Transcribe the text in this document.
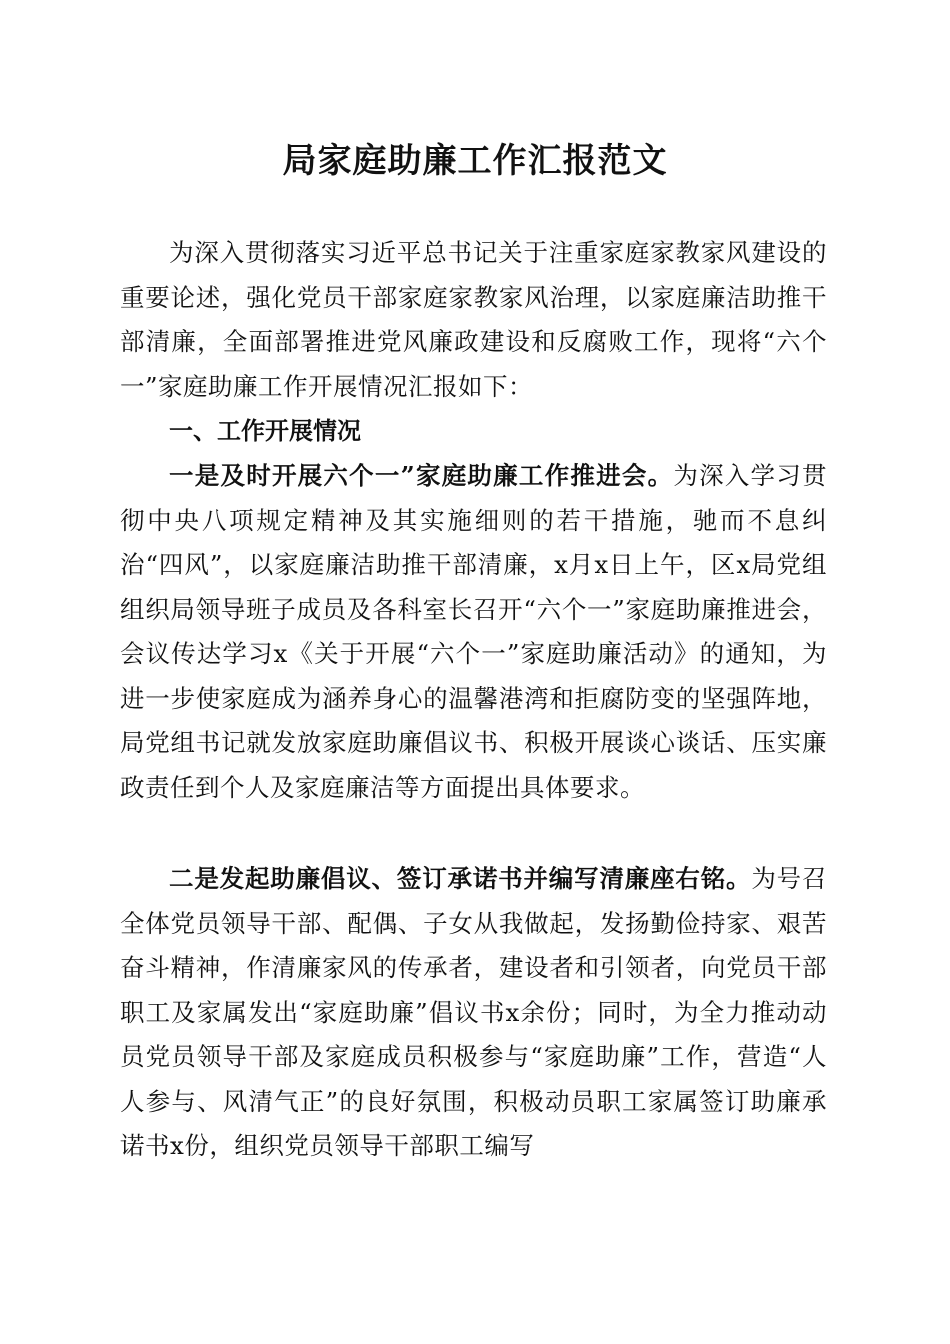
局家庭助廉工作汇报范文

为深入贯彻落实习近平总书记关于注重家庭家教家风建设的重要论述，强化党员干部家庭家教家风治理，以家庭廉洁助推干部清廉，全面部署推进党风廉政建设和反腐败工作，现将“六个一”家庭助廉工作开展情况汇报如下：

一、工作开展情况

一是及时开展六个一”家庭助廉工作推进会。为深入学习贯彻中央八项规定精神及其实施细则的若干措施，驰而不息纠治“四风”，以家庭廉洁助推干部清廉，x月x日上午，区x局党组组织局领导班子成员及各科室长召开“六个一”家庭助廉推进会，会议传达学习x《关于开展“六个一”家庭助廉活动》的通知，为进一步使家庭成为涵养身心的温馨港湾和拒腐防变的坚强阵地，局党组书记就发放家庭助廉倡议书、积极开展谈心谈话、压实廉政责任到个人及家庭廉洁等方面提出具体要求。

二是发起助廉倡议、签订承诺书并编写清廉座右铭。为号召全体党员领导干部、配偶、子女从我做起，发扬勤俭持家、艰苦奋斗精神，作清廉家风的传承者，建设者和引领者，向党员干部职工及家属发出“家庭助廉”倡议书x余份；同时，为全力推动动员党员领导干部及家庭成员积极参与“家庭助廉”工作，营造“人人参与、风清气正”的良好氛围，积极动员职工家属签订助廉承诺书x份，组织党员领导干部职工编写
